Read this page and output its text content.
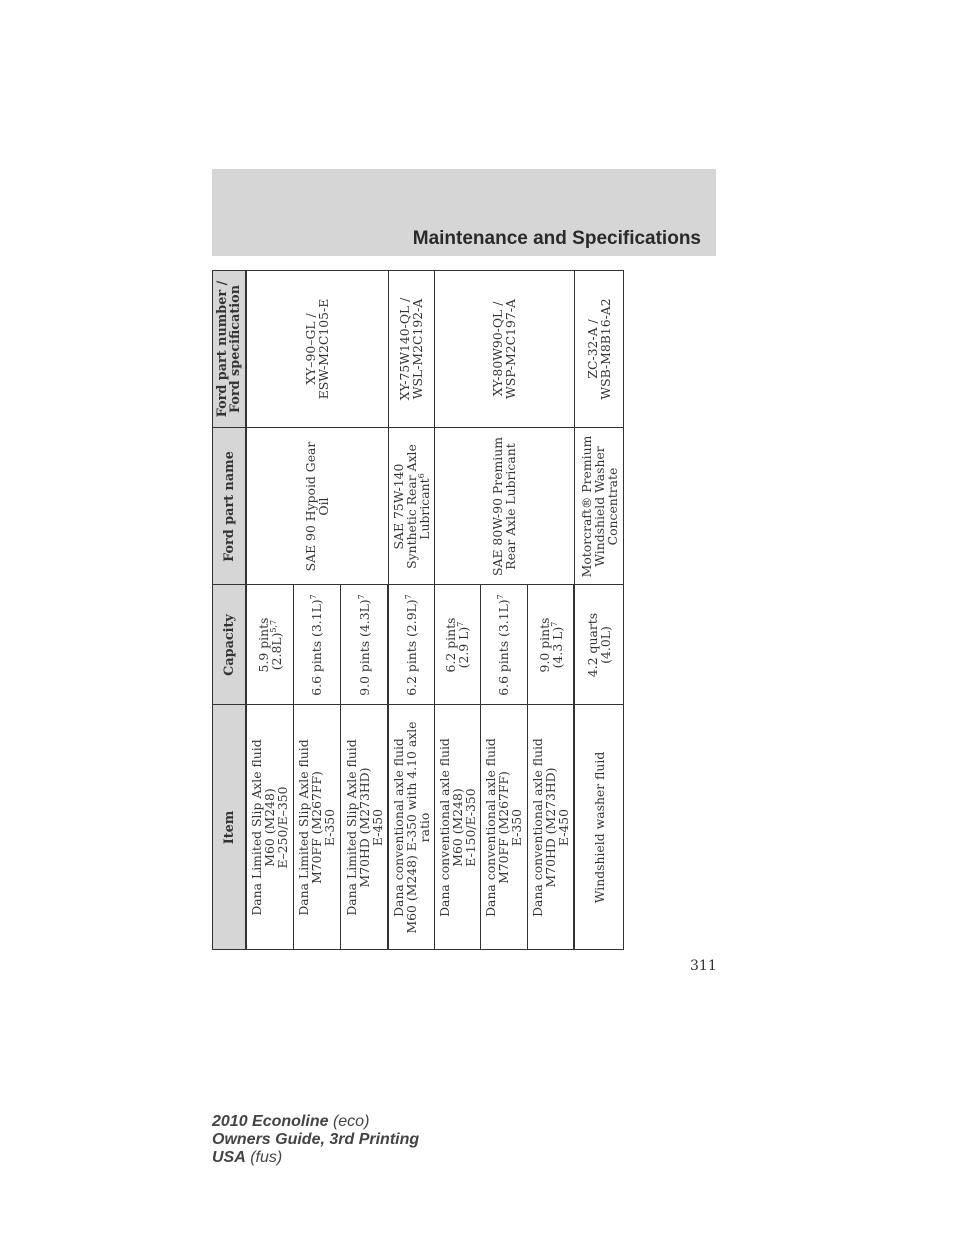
Maintenance and Specifications
Item
Capacity
Ford part name
Ford part number /
Ford specification
Dana Limited Slip Axle fluid
M60 (M248)
E–250/E–350
5.9 pints
$(2.8L)^{5,7}$
Dana Limited Slip Axle fluid
M70FF (M267FF)
E-350
6.6 pints $(3.1L)^7$
Dana Limited Slip Axle fluid
M70HD (M273HD)
E-450
9.0 pints $(4.3L)^7$
Dana conventional axle fluid
M60 (M248) E-350 with 4.10 axle
ratio
6.2 pints $(2.9L)^7$
Dana conventional axle fluid
M60 (M248)
E-150/E-350
6.2 pints
(2.9 L)$^7$
Dana conventional axle fluid
M70FF (M267FF)
E-350
6.6 pints $(3.1L)^7$
Dana conventional axle fluid
M70HD (M273HD)
E-450
9.0 pints
(4.3 L)$^7$
Windshield washer fluid
4.2 quarts
(4.0L)
SAE 90 Hypoid Gear
Oil
XY–90–GL /
ESW-M2C105-E
SAE 75W-140
Synthetic Rear Axle
Lubricant$^6$
XY-75W140-QL /
WSL-M2C192-A
SAE 80W-90 Premium
Rear Axle Lubricant
XY-80W90-QL /
WSP-M2C197-A
Motorcraft® Premium
Windshield Washer
Concentrate
ZC-32-A /
WSB-M8B16-A2
311
2010 Econoline (eco)
Owners Guide, 3rd Printing
USA (fus)
